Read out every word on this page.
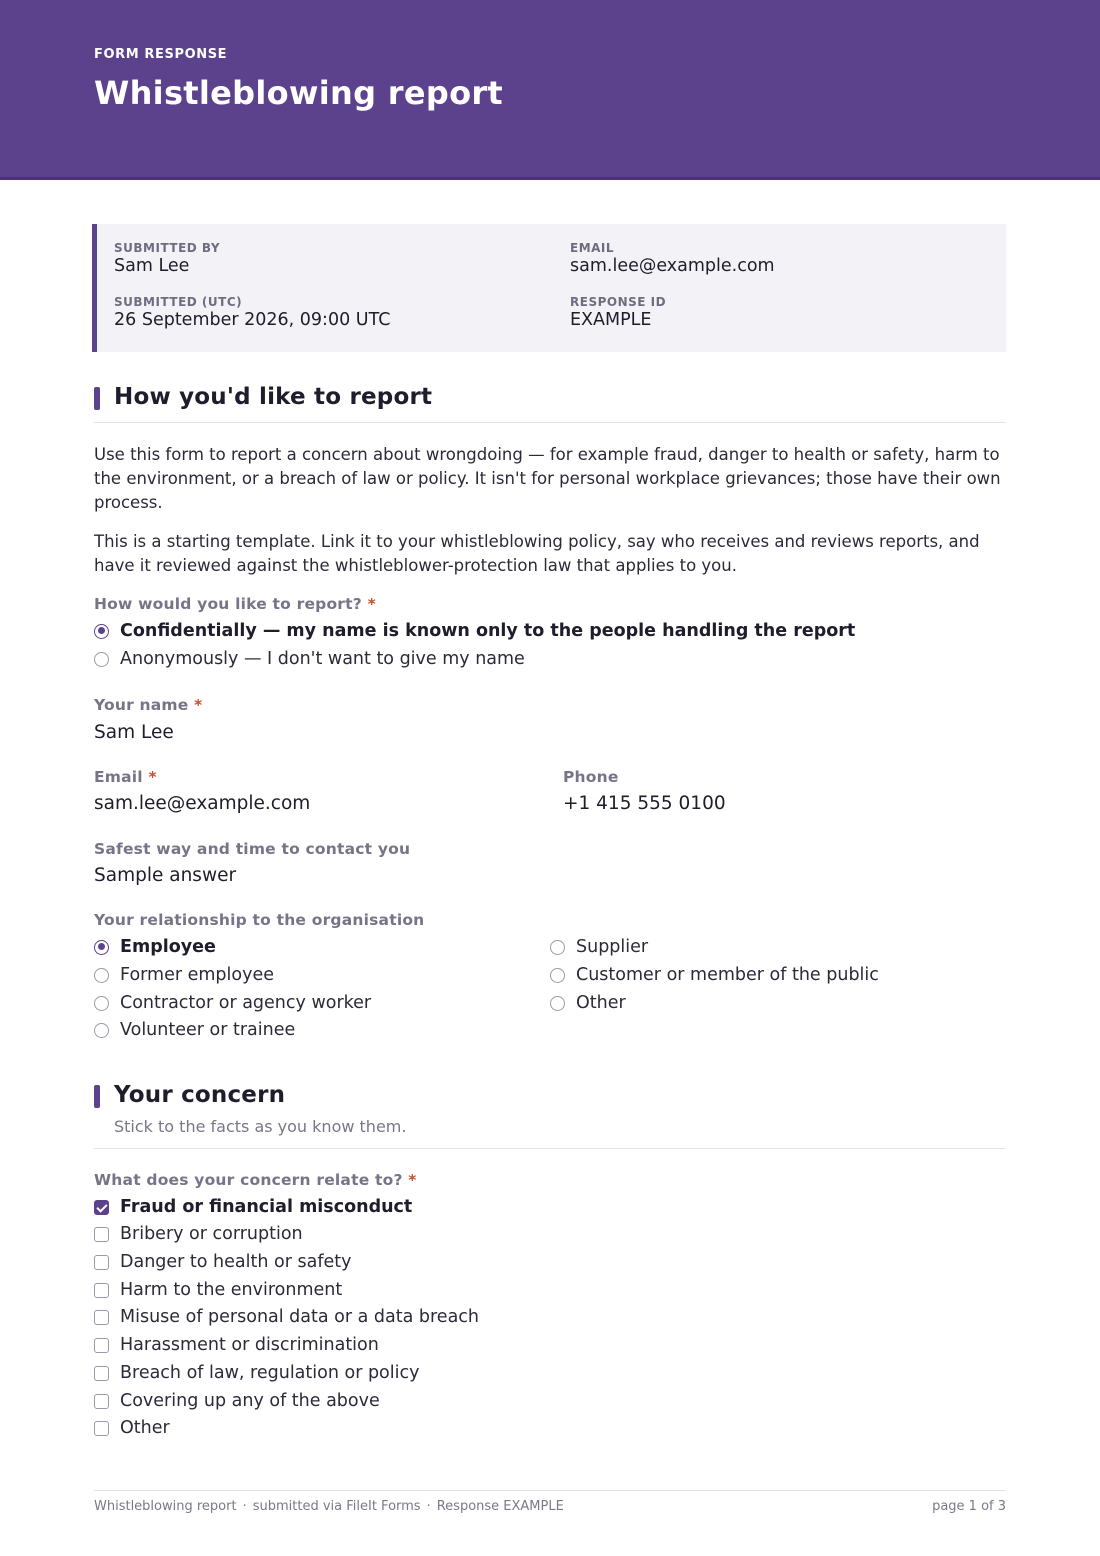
FORM RESPONSE
Whistleblowing report
SUBMITTED BY
Sam Lee
EMAIL
sam.lee@example.com
SUBMITTED (UTC)
26 September 2026, 09:00 UTC
RESPONSE ID
EXAMPLE
How you'd like to report
Use this form to report a concern about wrongdoing — for example fraud, danger to health or safety, harm to the environment, or a breach of law or policy. It isn't for personal workplace grievances; those have their own process.
This is a starting template. Link it to your whistleblowing policy, say who receives and reviews reports, and have it reviewed against the whistleblower-protection law that applies to you.
How would you like to report? *
Confidentially — my name is known only to the people handling the report
Anonymously — I don't want to give my name
Your name *
Sam Lee
Email *
sam.lee@example.com
Phone
+1 415 555 0100
Safest way and time to contact you
Sample answer
Your relationship to the organisation
Employee
Former employee
Contractor or agency worker
Volunteer or trainee
Supplier
Customer or member of the public
Other
Your concern
Stick to the facts as you know them.
What does your concern relate to? *
Fraud or financial misconduct
Bribery or corruption
Danger to health or safety
Harm to the environment
Misuse of personal data or a data breach
Harassment or discrimination
Breach of law, regulation or policy
Covering up any of the above
Other
Whistleblowing report · submitted via FileIt Forms · Response EXAMPLE	page 1 of 3
